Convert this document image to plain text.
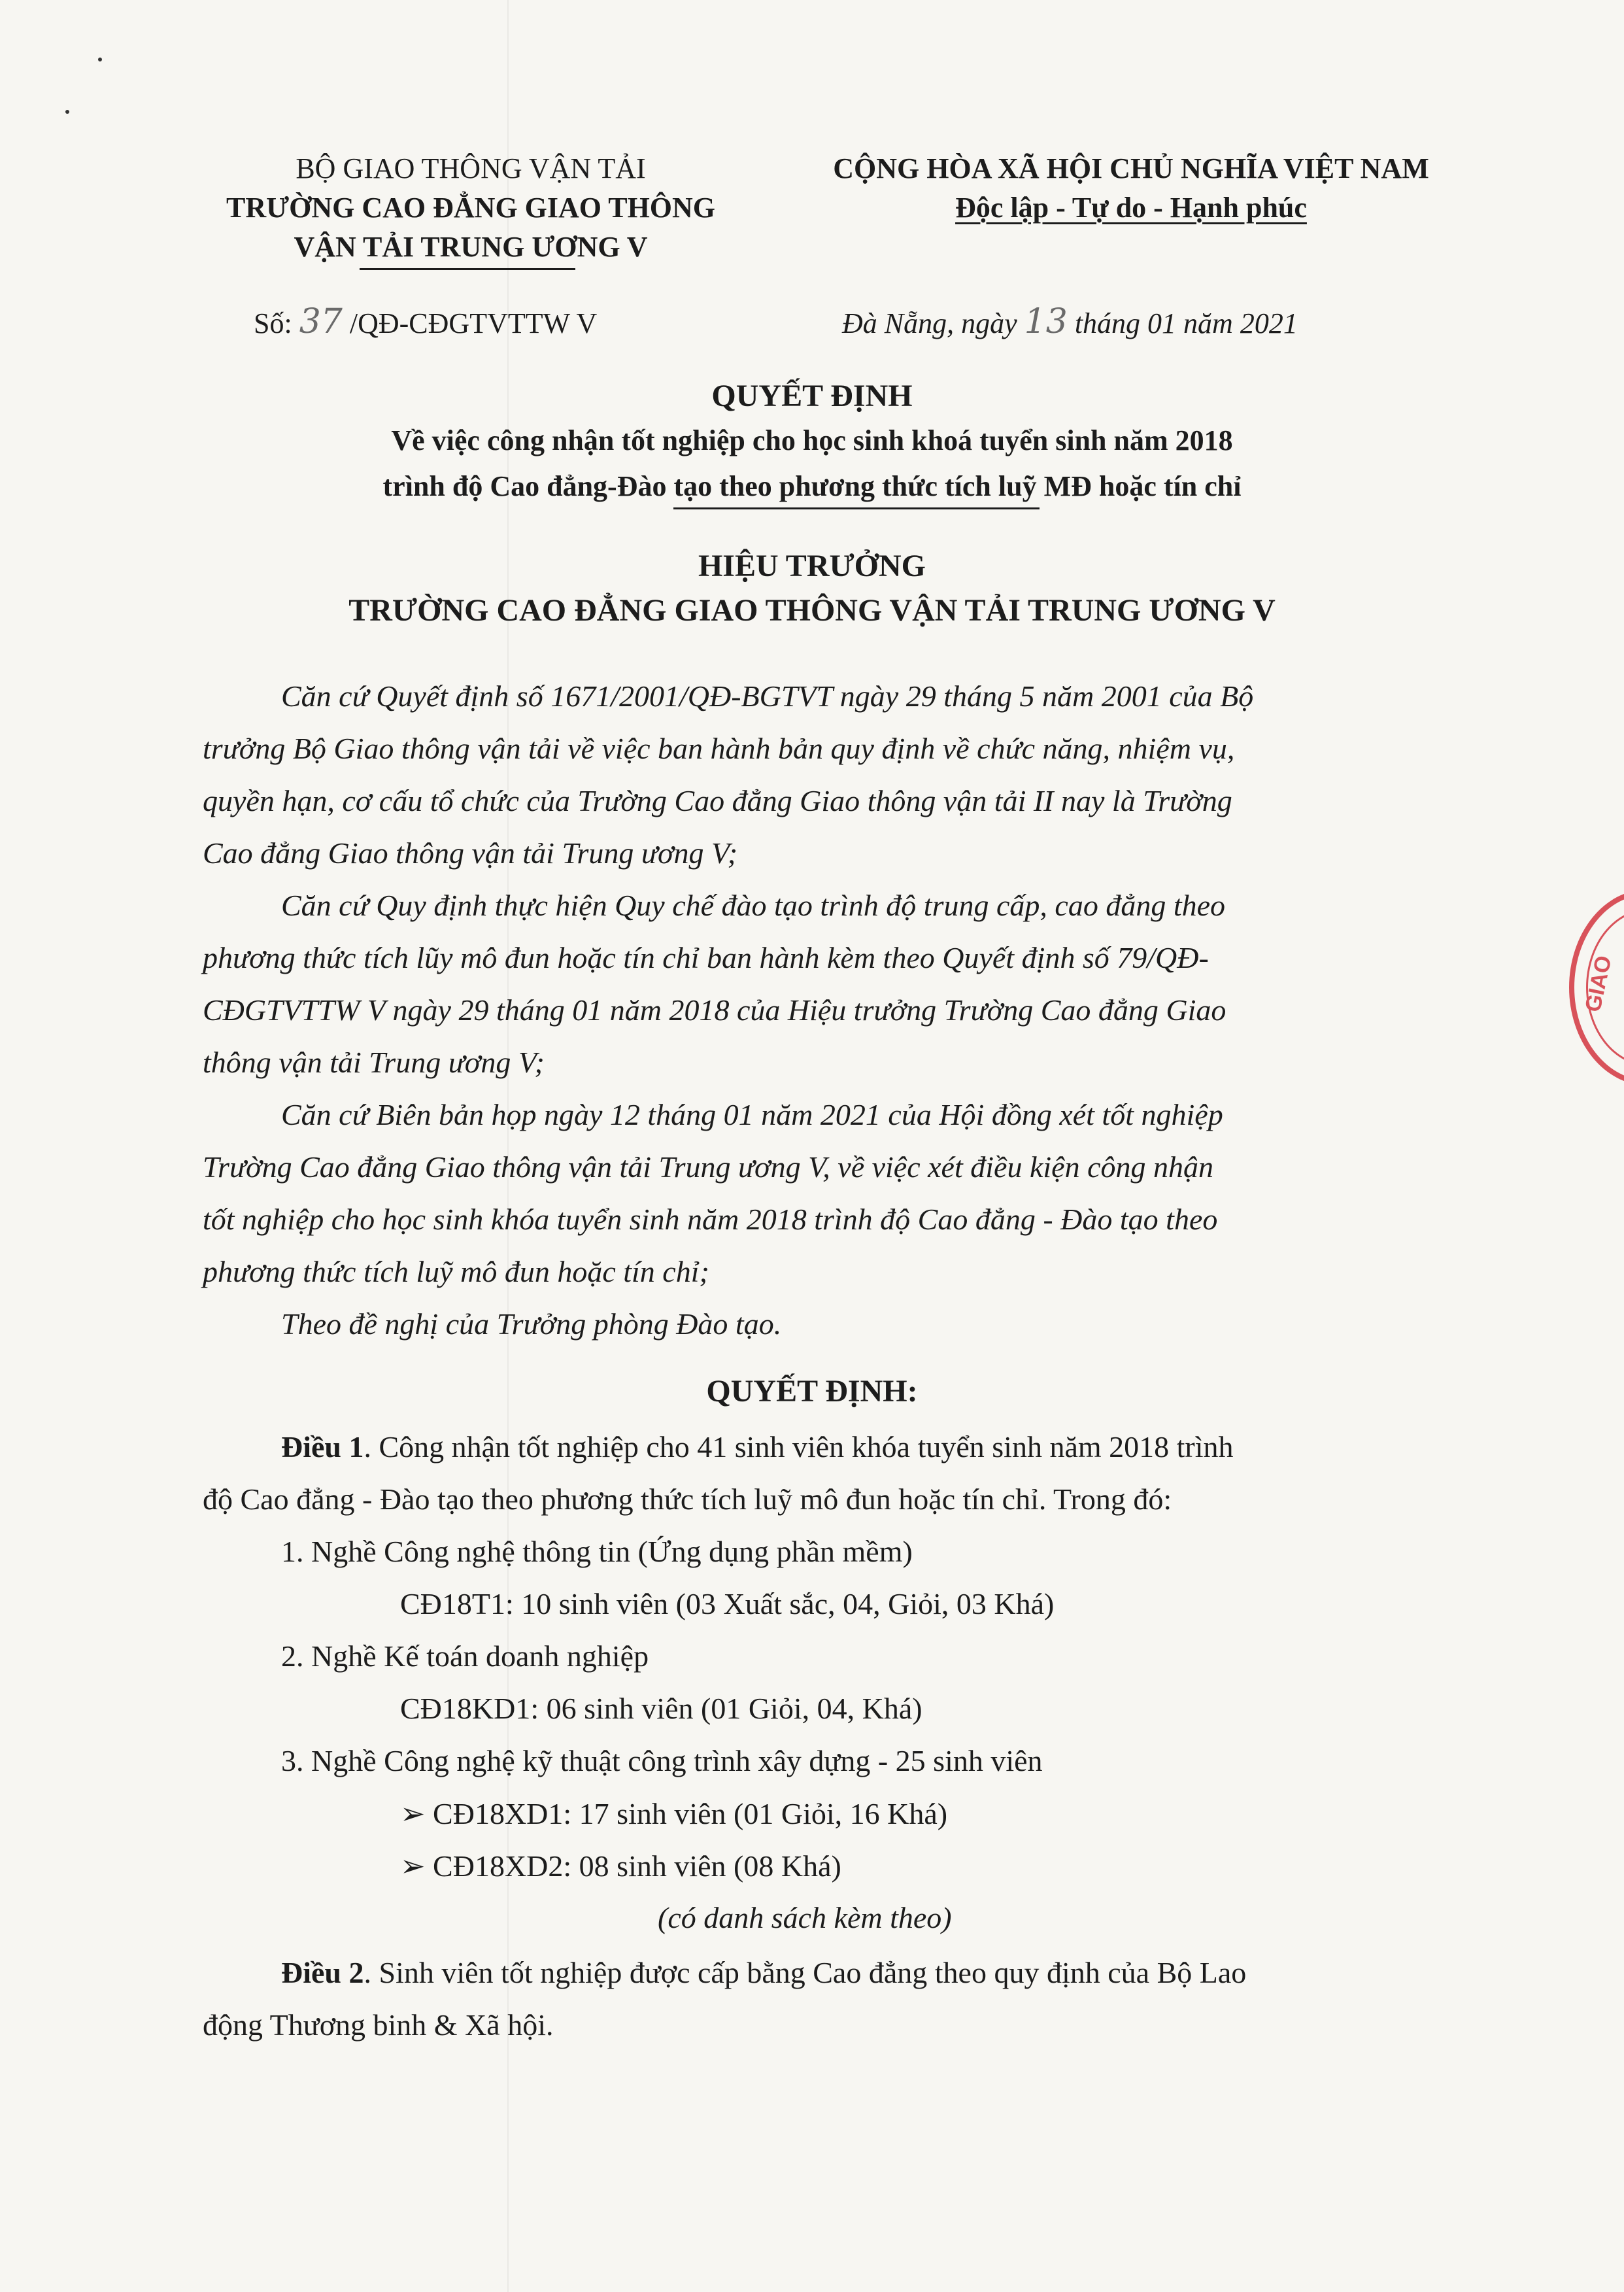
BỘ GIAO THÔNG VẬN TẢI
TRƯỜNG CAO ĐẲNG GIAO THÔNG
VẬN TẢI TRUNG ƯƠNG V
CỘNG HÒA XÃ HỘI CHỦ NGHĨA VIỆT NAM
Độc lập - Tự do - Hạnh phúc
Số: 37 /QĐ-CĐGTVTTW V	Đà Nẵng, ngày 13 tháng 01 năm 2021
QUYẾT ĐỊNH
Về việc công nhận tốt nghiệp cho học sinh khoá tuyển sinh năm 2018
trình độ Cao đẳng-Đào tạo theo phương thức tích luỹ MĐ hoặc tín chỉ
HIỆU TRƯỞNG
TRƯỜNG CAO ĐẲNG GIAO THÔNG VẬN TẢI TRUNG ƯƠNG V
Căn cứ Quyết định số 1671/2001/QĐ-BGTVT ngày 29 tháng 5 năm 2001 của Bộ
trưởng Bộ Giao thông vận tải về việc ban hành bản quy định về chức năng, nhiệm vụ,
quyền hạn, cơ cấu tổ chức của Trường Cao đẳng Giao thông vận tải II nay là Trường
Cao đẳng Giao thông vận tải Trung ương V;
Căn cứ Quy định thực hiện Quy chế đào tạo trình độ trung cấp, cao đẳng theo
phương thức tích lũy mô đun hoặc tín chỉ ban hành kèm theo Quyết định số 79/QĐ-
CĐGTVTTW V ngày 29 tháng 01 năm 2018 của Hiệu trưởng Trường Cao đẳng Giao
thông vận tải Trung ương V;
Căn cứ Biên bản họp ngày 12 tháng 01 năm 2021 của Hội đồng xét tốt nghiệp
Trường Cao đẳng Giao thông vận tải Trung ương V, về việc xét điều kiện công nhận
tốt nghiệp cho học sinh khóa tuyển sinh năm 2018 trình độ Cao đẳng - Đào tạo theo
phương thức tích luỹ mô đun hoặc tín chỉ;
Theo đề nghị của Trưởng phòng Đào tạo.
QUYẾT ĐỊNH:
Điều 1. Công nhận tốt nghiệp cho 41 sinh viên khóa tuyển sinh năm 2018 trình
độ Cao đẳng - Đào tạo theo phương thức tích luỹ mô đun hoặc tín chỉ. Trong đó:
1. Nghề Công nghệ thông tin (Ứng dụng phần mềm)
CĐ18T1: 10 sinh viên (03 Xuất sắc, 04, Giỏi, 03 Khá)
2. Nghề Kế toán doanh nghiệp
CĐ18KD1: 06 sinh viên (01 Giỏi, 04, Khá)
3. Nghề Công nghệ kỹ thuật công trình xây dựng - 25 sinh viên
➢ CĐ18XD1: 17 sinh viên (01 Giỏi, 16 Khá)
➢ CĐ18XD2: 08 sinh viên (08 Khá)
(có danh sách kèm theo)
Điều 2. Sinh viên tốt nghiệp được cấp bằng Cao đẳng theo quy định của Bộ Lao
động Thương binh & Xã hội.
GIAO
